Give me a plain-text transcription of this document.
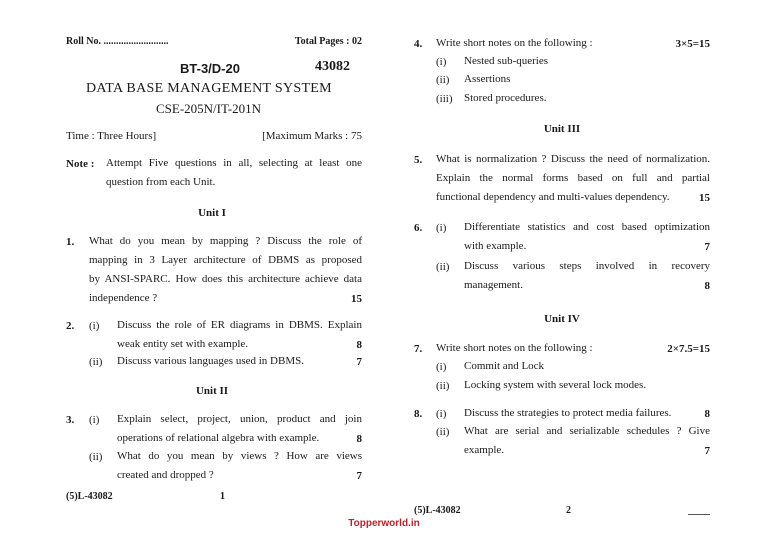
Roll No. ..........................	Total Pages : 02
BT-3/D-20	43082
DATA BASE MANAGEMENT SYSTEM
CSE-205N/IT-201N
Time : Three Hours]	[Maximum Marks : 75
Note : Attempt Five questions in all, selecting at least one
question from each Unit.
Unit I
1. What do you mean by mapping ? Discuss the role of
mapping in 3 Layer architecture of DBMS as proposed
by ANSI-SPARC. How does this architecture achieve data
independence ?	15
2. (i) Discuss the role of ER diagrams in DBMS. Explain
weak entity set with example.	8
(ii) Discuss various languages used in DBMS.	7
Unit II
3. (i) Explain select, project, union, product and join
operations of relational algebra with example.	8
(ii) What do you mean by views ? How are views
created and dropped ?	7
(5)L-43082	1
4. Write short notes on the following :	3×5=15
(i) Nested sub-queries
(ii) Assertions
(iii) Stored procedures.
Unit III
5. What is normalization ? Discuss the need of normalization.
Explain the normal forms based on full and partial
functional dependency and multi-values dependency.	15
6. (i) Differentiate statistics and cost based optimization
with example.	7
(ii) Discuss various steps involved in recovery
management.	8
Unit IV
7. Write short notes on the following :	2×7.5=15
(i) Commit and Lock
(ii) Locking system with several lock modes.
8. (i) Discuss the strategies to protect media failures.	8
(ii) What are serial and serializable schedules ? Give
example.	7
(5)L-43082	2
Topperworld.in
